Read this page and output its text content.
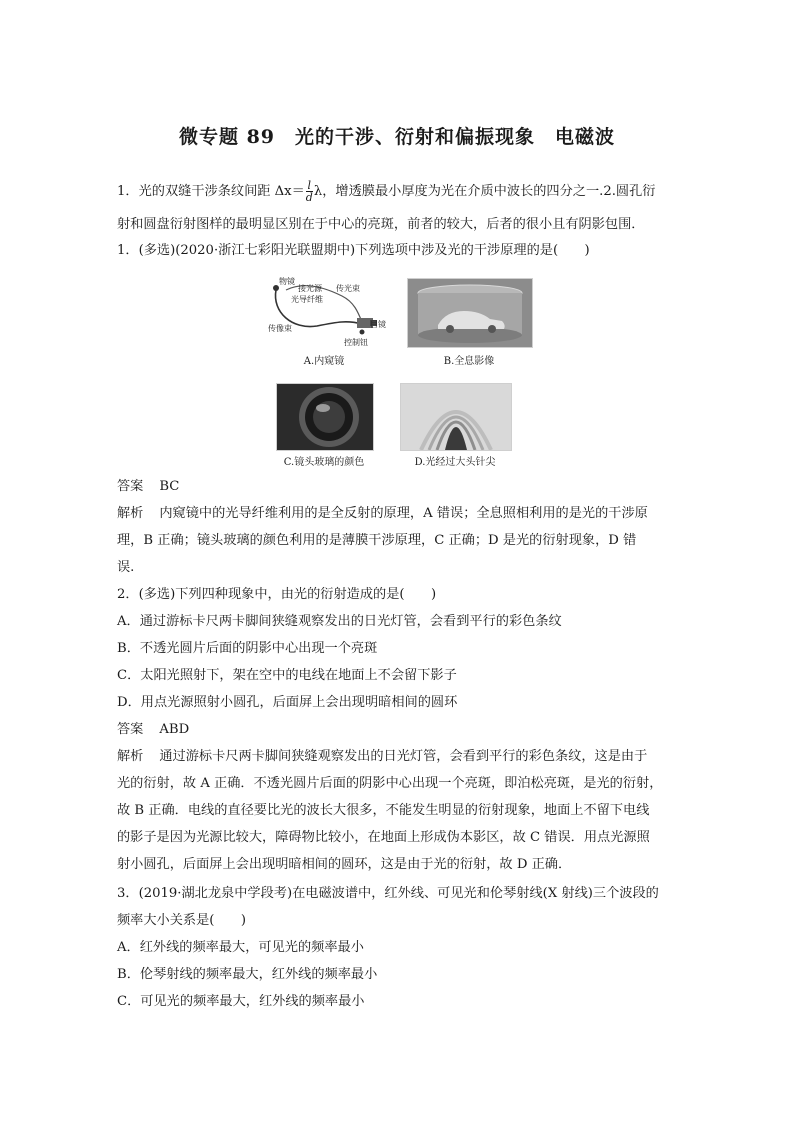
微专题 89　光的干涉、衍射和偏振现象　电磁波
1．光的双缝干涉条纹间距 $\Delta x= \frac{l}{d}$ λ，增透膜最小厚度为光在介质中波长的四分之一.2.圆孔衍
射和圆盘衍射图样的最明显区别在于中心的亮斑，前者的较大，后者的很小且有阴影包围．
1．(多选)(2020·浙江七彩阳光联盟期中)下列选项中涉及光的干涉原理的是(　　)
物镜
接光源 传光束
光导纤维
传像束	目镜
控制钮
A.内窥镜	B.全息影像
C.镜头玻璃的颜色	D.光经过大头针尖
答案 BC
解析 内窥镜中的光导纤维利用的是全反射的原理，A 错误；全息照相利用的是光的干涉原
理，B 正确；镜头玻璃的颜色利用的是薄膜干涉原理，C 正确；D 是光的衍射现象，D 错
误.
2．(多选)下列四种现象中，由光的衍射造成的是(　　)
A．通过游标卡尺两卡脚间狭缝观察发出的日光灯管，会看到平行的彩色条纹
B．不透光圆片后面的阴影中心出现一个亮斑
C．太阳光照射下，架在空中的电线在地面上不会留下影子
D．用点光源照射小圆孔，后面屏上会出现明暗相间的圆环
答案 ABD
解析 通过游标卡尺两卡脚间狭缝观察发出的日光灯管，会看到平行的彩色条纹，这是由于
光的衍射，故 A 正确．不透光圆片后面的阴影中心出现一个亮斑，即泊松亮斑，是光的衍射，
故 B 正确．电线的直径要比光的波长大很多，不能发生明显的衍射现象，地面上不留下电线
的影子是因为光源比较大，障碍物比较小，在地面上形成伪本影区，故 C 错误．用点光源照
射小圆孔，后面屏上会出现明暗相间的圆环，这是由于光的衍射，故 D 正确．
3．(2019·湖北龙泉中学段考)在电磁波谱中，红外线、可见光和伦琴射线(X 射线)三个波段的
频率大小关系是(　　)
A．红外线的频率最大，可见光的频率最小
B．伦琴射线的频率最大，红外线的频率最小
C．可见光的频率最大，红外线的频率最小
